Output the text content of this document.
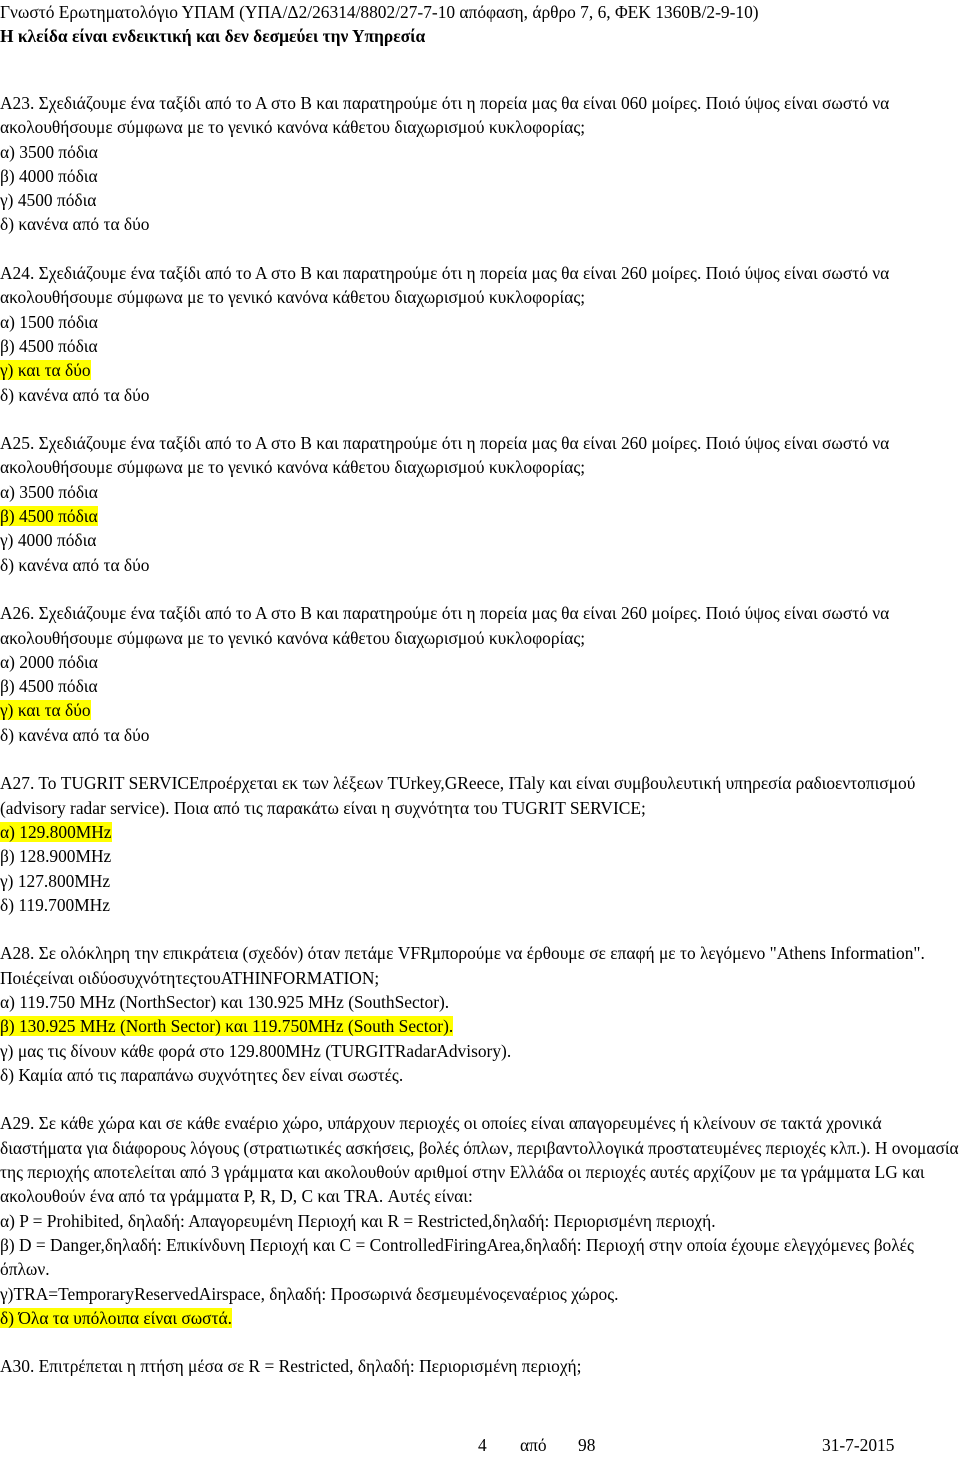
Γνωστό Ερωτηματολόγιο ΥΠΑΜ (ΥΠΑ/Δ2/26314/8802/27-7-10 απόφαση, άρθρο 7, 6, ΦΕΚ 1360Β/2-9-10)
Η κλείδα είναι ενδεικτική και δεν δεσμεύει την Υπηρεσία
Α23. Σχεδιάζουμε ένα ταξίδι από το Α στο Β και παρατηρούμε ότι η πορεία μας θα είναι 060 μοίρες. Ποιό ύψος είναι σωστό να ακολουθήσουμε σύμφωνα με το γενικό κανόνα κάθετου διαχωρισμού κυκλοφορίας;
α) 3500 πόδια
β) 4000 πόδια
γ) 4500 πόδια
δ) κανένα από τα δύο
Α24. Σχεδιάζουμε ένα ταξίδι από το Α στο Β και παρατηρούμε ότι η πορεία μας θα είναι 260 μοίρες. Ποιό ύψος είναι σωστό να ακολουθήσουμε σύμφωνα με το γενικό κανόνα κάθετου διαχωρισμού κυκλοφορίας;
α) 1500 πόδια
β) 4500 πόδια
γ) και τα δύο
δ) κανένα από τα δύο
Α25. Σχεδιάζουμε ένα ταξίδι από το Α στο Β και παρατηρούμε ότι η πορεία μας θα είναι 260 μοίρες. Ποιό ύψος είναι σωστό να ακολουθήσουμε σύμφωνα με το γενικό κανόνα κάθετου διαχωρισμού κυκλοφορίας;
α) 3500 πόδια
β) 4500 πόδια
γ) 4000 πόδια
δ) κανένα από τα δύο
Α26. Σχεδιάζουμε ένα ταξίδι από το Α στο Β και παρατηρούμε ότι η πορεία μας θα είναι 260 μοίρες. Ποιό ύψος είναι σωστό να ακολουθήσουμε σύμφωνα με το γενικό κανόνα κάθετου διαχωρισμού κυκλοφορίας;
α) 2000 πόδια
β) 4500 πόδια
γ) και τα δύο
δ) κανένα από τα δύο
Α27. Το TUGRIT SERVICEπροέρχεται εκ των λέξεων TUrkey,GReece, ITaly και είναι συμβουλευτική υπηρεσία ραδιοεντοπισμού (advisory radar service). Ποια από τις παρακάτω είναι η συχνότητα του TUGRIT SERVICE;
α) 129.800MHz
β) 128.900MHz
γ) 127.800MHz
δ) 119.700MHz
Α28. Σε ολόκληρη την επικράτεια (σχεδόν) όταν πετάμε VFRμπορούμε να έρθουμε σε επαφή με το λεγόμενο "Athens Information". Ποιέςείναι οιδύοσυχνότητεςτουATHINFORMATION;
α) 119.750 MHz (NorthSector) και 130.925 MHz (SouthSector).
β) 130.925 MHz (North Sector) και 119.750MHz (South Sector).
γ) μας τις δίνουν κάθε φορά στο 129.800MHz (TURGITRadarAdvisory).
δ) Καμία από τις παραπάνω συχνότητες δεν είναι σωστές.
Α29. Σε κάθε χώρα και σε κάθε εναέριο χώρο, υπάρχουν περιοχές οι οποίες είναι απαγορευμένες ή κλείνουν σε τακτά χρονικά διαστήματα για διάφορους λόγους (στρατιωτικές ασκήσεις, βολές όπλων, περιβαντολλογικά προστατευμένες περιοχές κλπ.). Η ονομασία της περιοχής αποτελείται από 3 γράμματα και ακολουθούν αριθμοί στην Ελλάδα οι περιοχές αυτές αρχίζουν με τα γράμματα LG και ακολουθούν ένα από τα γράμματα P, R, D, C και TRA. Αυτές είναι:
α) P = Prohibited, δηλαδή: Απαγορευμένη Περιοχή και R = Restricted,δηλαδή: Περιορισμένη περιοχή.
β) D = Danger,δηλαδή: Επικίνδυνη Περιοχή και C = ControlledFiringArea,δηλαδή: Περιοχή στην οποία έχουμε ελεγχόμενες βολές όπλων.
γ)TRA=TemporaryReservedAirspace, δηλαδή: Προσωρινά δεσμευμένοςεναέριος χώρος.
δ) Όλα τα υπόλοιπα είναι σωστά.
Α30. Επιτρέπεται η πτήση μέσα σε R = Restricted, δηλαδή: Περιορισμένη περιοχή;
4 από 98	31-7-2015
